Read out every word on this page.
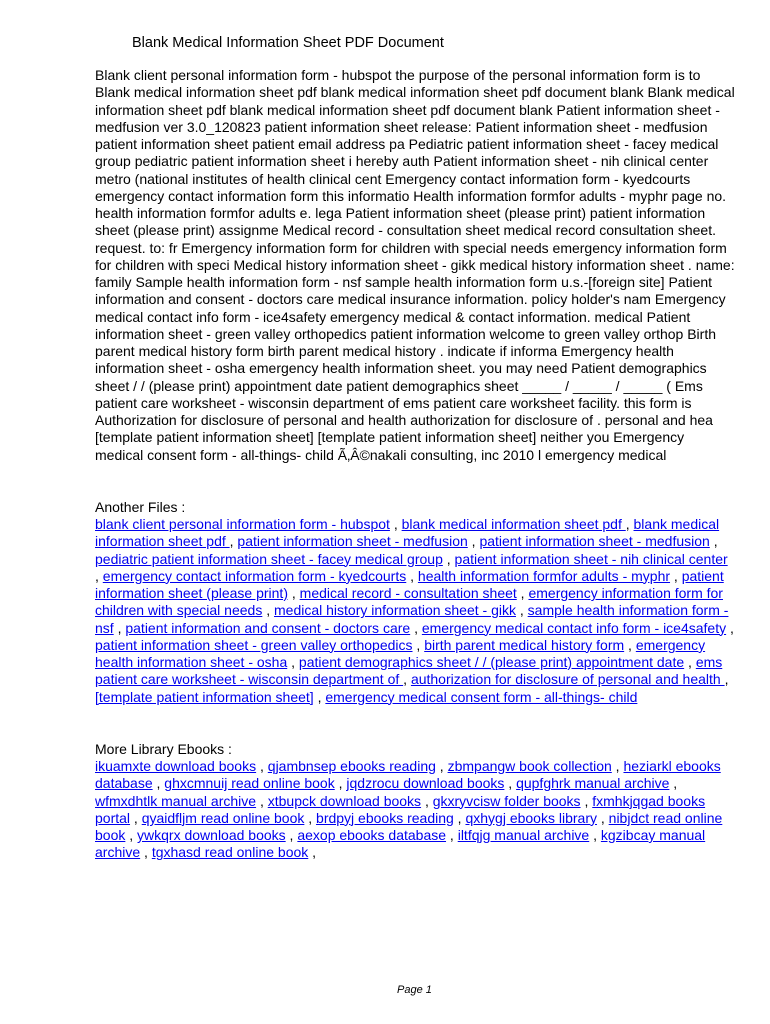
Blank Medical Information Sheet PDF Document
Blank client personal information form - hubspot the purpose of the personal information form is to Blank medical information sheet pdf blank medical information sheet pdf document blank Blank medical information sheet pdf blank medical information sheet pdf document blank Patient information sheet - medfusion ver 3.0_120823 patient information sheet release: Patient information sheet - medfusion patient information sheet patient email address pa Pediatric patient information sheet - facey medical group pediatric patient information sheet i hereby auth Patient information sheet - nih clinical center metro (national institutes of health clinical cent Emergency contact information form - kyedcourts emergency contact information form this informatio Health information formfor adults - myphr page no. health information formfor adults e. lega Patient information sheet (please print) patient information sheet (please print) assignme Medical record - consultation sheet medical record consultation sheet. request. to: fr Emergency information form for children with special needs emergency information form for children with speci Medical history information sheet - gikk medical history information sheet . name: family Sample health information form - nsf sample health information form u.s.-[foreign site] Patient information and consent - doctors care medical insurance information. policy holder's nam Emergency medical contact info form - ice4safety emergency medical & contact information. medical Patient information sheet - green valley orthopedics patient information welcome to green valley orthop Birth parent medical history form birth parent medical history . indicate if informa Emergency health information sheet - osha emergency health information sheet. you may need Patient demographics sheet / / (please print) appointment date patient demographics sheet _____ / _____ / _____ ( Ems patient care worksheet - wisconsin department of ems patient care worksheet facility. this form is Authorization for disclosure of personal and health authorization for disclosure of . personal and hea [template patient information sheet] [template patient information sheet] neither you Emergency medical consent form - all-things- child Ã‚Â©nakali consulting, inc 2010 l emergency medical
Another Files :
blank client personal information form - hubspot , blank medical information sheet pdf , blank medical information sheet pdf , patient information sheet - medfusion , patient information sheet - medfusion , pediatric patient information sheet - facey medical group , patient information sheet - nih clinical center , emergency contact information form - kyedcourts , health information formfor adults - myphr , patient information sheet (please print) , medical record - consultation sheet , emergency information form for children with special needs , medical history information sheet - gikk , sample health information form - nsf , patient information and consent - doctors care , emergency medical contact info form - ice4safety , patient information sheet - green valley orthopedics , birth parent medical history form , emergency health information sheet - osha , patient demographics sheet / / (please print) appointment date , ems patient care worksheet - wisconsin department of , authorization for disclosure of personal and health , [template patient information sheet] , emergency medical consent form - all-things- child
More Library Ebooks :
ikuamxte download books , qjambnsep ebooks reading , zbmpangw book collection , heziarkl ebooks database , ghxcmnuij read online book , jqdzrocu download books , qupfghrk manual archive , wfmxdhtlk manual archive , xtbupck download books , gkxryvcisw folder books , fxmhkjqgad books portal , qyaidfljm read online book , brdpyj ebooks reading , qxhygj ebooks library , nibjdct read online book , ywkqrx download books , aexop ebooks database , iltfqjg manual archive , kgzibcay manual archive , tgxhasd read online book ,
Page 1
